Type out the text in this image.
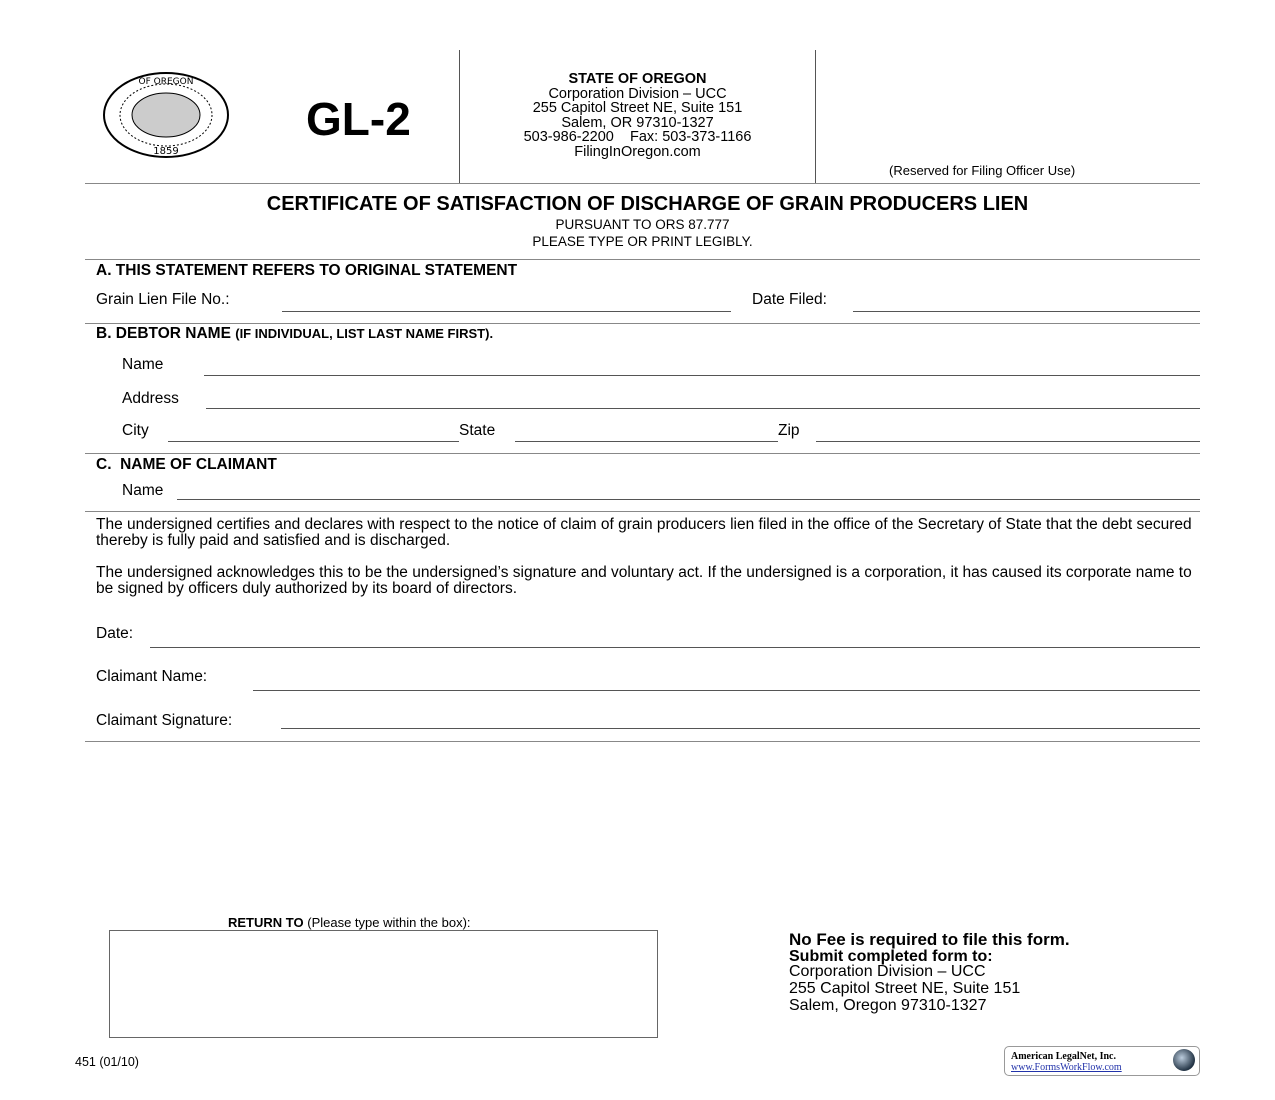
1859
OF OREGON
GL-2
STATE OF OREGON
Corporation Division – UCC
255 Capitol Street NE, Suite 151
Salem, OR 97310-1327
503-986-2200    Fax: 503-373-1166
FilingInOregon.com
(Reserved for Filing Officer Use)
CERTIFICATE OF SATISFACTION OF DISCHARGE OF GRAIN PRODUCERS LIEN
PURSUANT TO ORS 87.777
PLEASE TYPE OR PRINT LEGIBLY.
A. THIS STATEMENT REFERS TO ORIGINAL STATEMENT
Grain Lien File No.:	Date Filed:
B. DEBTOR NAME (IF INDIVIDUAL, LIST LAST NAME FIRST).
Name
Address
City	State	Zip
C.  NAME OF CLAIMANT
Name
The undersigned certifies and declares with respect to the notice of claim of grain producers lien filed in the office of the Secretary of State that the debt secured thereby is fully paid and satisfied and is discharged.
The undersigned acknowledges this to be the undersigned’s signature and voluntary act. If the undersigned is a corporation, it has caused its corporate name to be signed by officers duly authorized by its board of directors.
Date:
Claimant Name:
Claimant Signature:
RETURN TO (Please type within the box):
No Fee is required to file this form.
Submit completed form to:
Corporation Division – UCC
255 Capitol Street NE, Suite 151
Salem, Oregon 97310-1327
451 (01/10)	American LegalNet, Inc.
www.FormsWorkFlow.com
